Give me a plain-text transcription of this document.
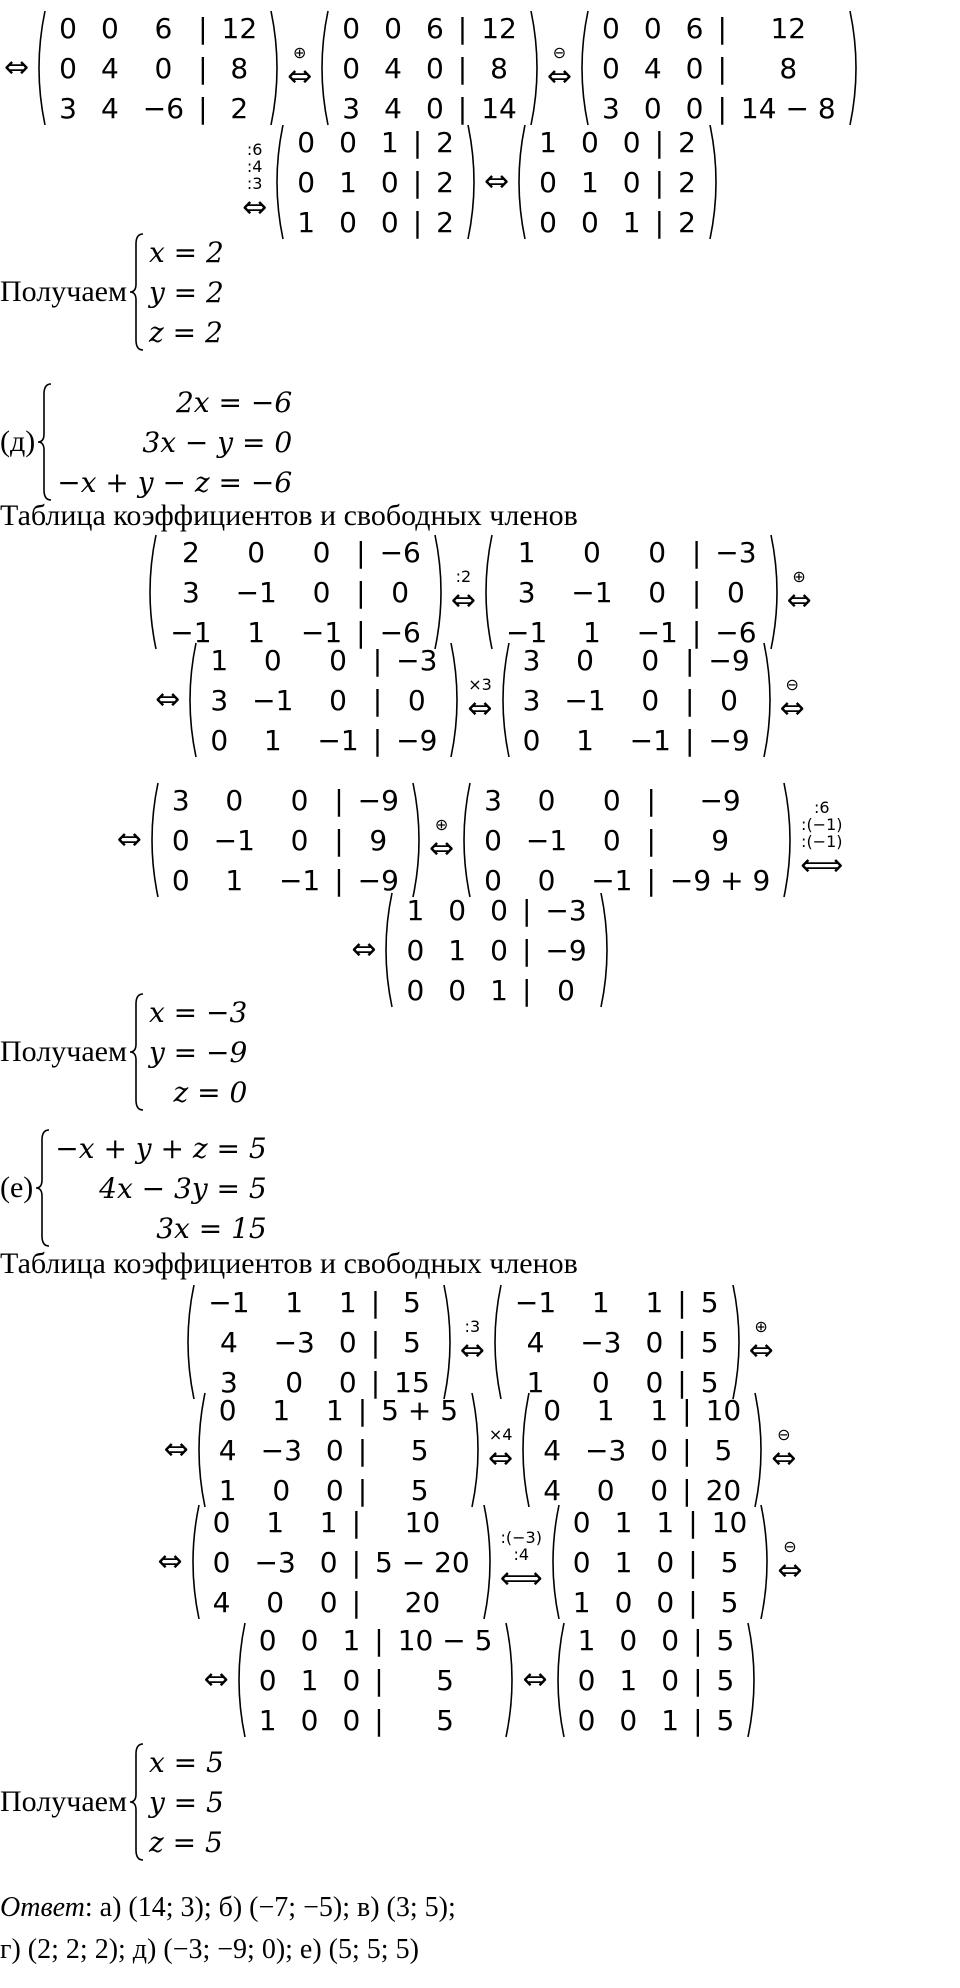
⇔
0	0	6	|	12
0	4	0	|	8
3	4	−6	|	2
⊕
⇔
0	0	6	|	12
0	4	0	|	8
3	4	0	|	14
⊖
⇔
0	0	6	|	12
0	4	0	|	8
3	0	0	|	14 − 8
:6
:4
:3
⇔
0	0	1	|	2
0	1	0	|	2
1	0	0	|	2
⇔
1	0	0	|	2
0	1	0	|	2
0	0	1	|	2
Получаем
x = 2
y = 2
z = 2
(д)
2x = −6
3x − y = 0
−x + y − z = −6
Таблица коэффициентов и свободных членов
2	0	0	|	−6
3	−1	0	|	0
−1	1	−1	|	−6
:2
⇔
1	0	0	|	−3
3	−1	0	|	0
−1	1	−1	|	−6
⊕
⇔
⇔
1	0	0	|	−3
3	−1	0	|	0
0	1	−1	|	−9
×3
⇔
3	0	0	|	−9
3	−1	0	|	0
0	1	−1	|	−9
⊖
⇔
⇔
3	0	0	|	−9
0	−1	0	|	9
0	1	−1	|	−9
⊕
⇔
3	0	0	|	−9
0	−1	0	|	9
0	0	−1	|	−9 + 9
:6
:(−1)
:(−1)
⟺
⇔
1	0	0	|	−3
0	1	0	|	−9
0	0	1	|	0
Получаем
x = −3
y = −9
z = 0
(е)
−x + y + z = 5
4x − 3y = 5
3x = 15
Таблица коэффициентов и свободных членов
−1	1	1	|	5
4	−3	0	|	5
3	0	0	|	15
:3
⇔
−1	1	1	|	5
4	−3	0	|	5
1	0	0	|	5
⊕
⇔
⇔
0	1	1	|	5 + 5
4	−3	0	|	5
1	0	0	|	5
×4
⇔
0	1	1	|	10
4	−3	0	|	5
4	0	0	|	20
⊖
⇔
⇔
0	1	1	|	10
0	−3	0	|	5 − 20
4	0	0	|	20
:(−3)
:4
⟺
0	1	1	|	10
0	1	0	|	5
1	0	0	|	5
⊖
⇔
⇔
0	0	1	|	10 − 5
0	1	0	|	5
1	0	0	|	5
⇔
1	0	0	|	5
0	1	0	|	5
0	0	1	|	5
Получаем
x = 5
y = 5
z = 5
Ответ : а) (14; 3); б) (−7; −5); в) (3; 5);
г) (2; 2; 2); д) (−3; −9; 0); е) (5; 5; 5)
